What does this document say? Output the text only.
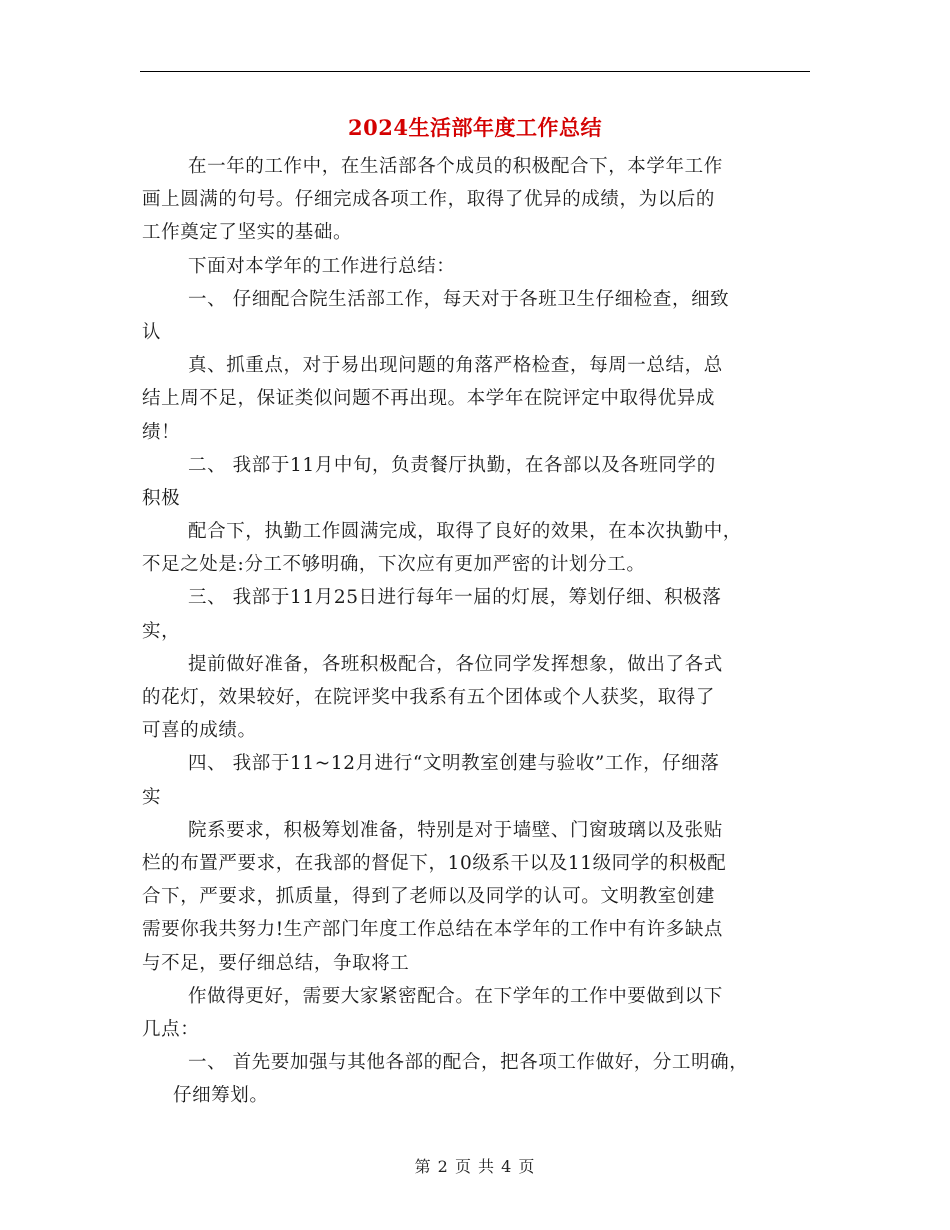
2024生活部年度工作总结
在一年的工作中，在生活部各个成员的积极配合下，本学年工作
画上圆满的句号。仔细完成各项工作，取得了优异的成绩，为以后的
工作奠定了坚实的基础。
下面对本学年的工作进行总结：
一、 仔细配合院生活部工作，每天对于各班卫生仔细检查，细致
认
真、抓重点，对于易出现问题的角落严格检查，每周一总结，总
结上周不足，保证类似问题不再出现。本学年在院评定中取得优异成
绩！
二、 我部于11月中旬，负责餐厅执勤，在各部以及各班同学的
积极
配合下，执勤工作圆满完成，取得了良好的效果，在本次执勤中，
不足之处是:分工不够明确，下次应有更加严密的计划分工。
三、 我部于11月25日进行每年一届的灯展，筹划仔细、积极落
实，
提前做好准备，各班积极配合，各位同学发挥想象，做出了各式
的花灯，效果较好，在院评奖中我系有五个团体或个人获奖，取得了
可喜的成绩。
四、 我部于11~12月进行“文明教室创建与验收”工作，仔细落
实
院系要求，积极筹划准备，特别是对于墙壁、门窗玻璃以及张贴
栏的布置严要求，在我部的督促下，10级系干以及11级同学的积极配
合下，严要求，抓质量，得到了老师以及同学的认可。文明教室创建
需要你我共努力!生产部门年度工作总结在本学年的工作中有许多缺点
与不足，要仔细总结，争取将工
作做得更好，需要大家紧密配合。在下学年的工作中要做到以下
几点：
一、 首先要加强与其他各部的配合，把各项工作做好，分工明确，
仔细筹划。
第 2 页 共 4 页
